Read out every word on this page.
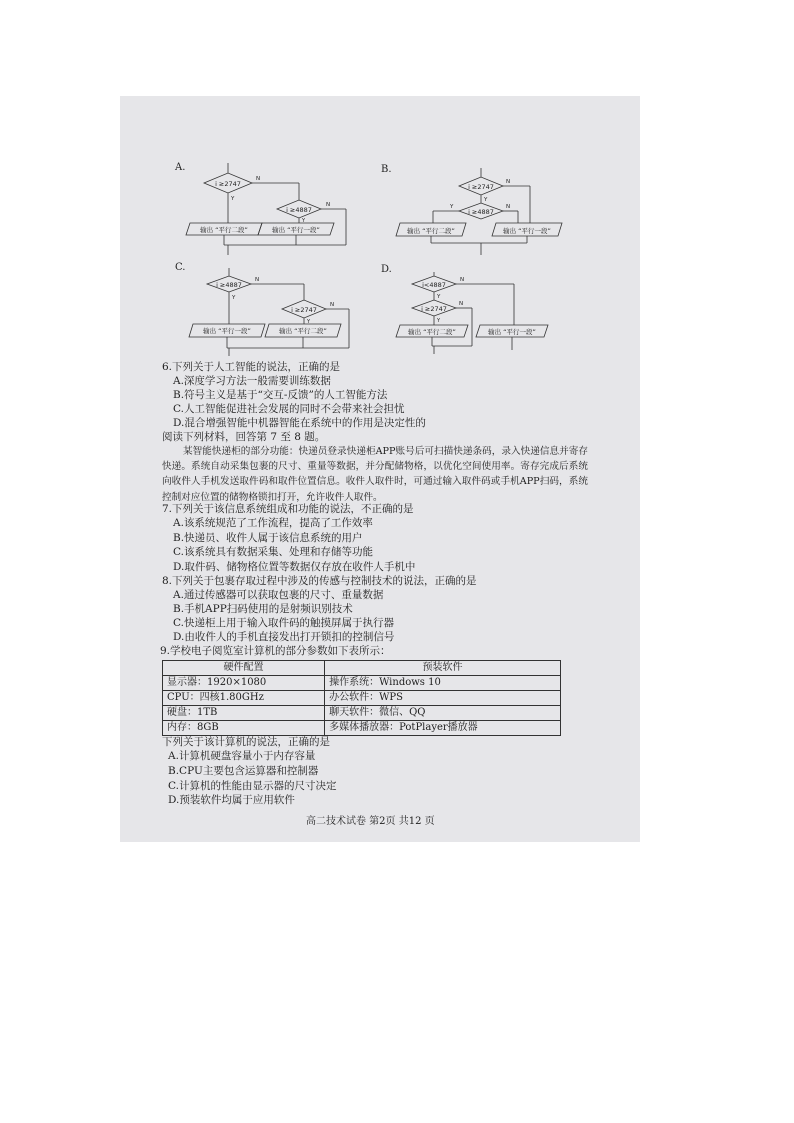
A.	B.
C.	D.
i ≥2747
i ≥4887
N
Y
N
Y
输出 “平行二段”	输出 “平行一段”
i ≥2747
i ≥4887
N
Y
Y	N
输出 “平行二段”	输出 “平行一段”
i ≥4887
i ≥2747
N
Y
N
Y
输出 “平行一段”	输出 “平行二段”
i<4887
i ≥2747
N
Y
N
Y
输出 “平行二段”	输出 “平行一段”
6.下列关于人工智能的说法，正确的是
A.深度学习方法一般需要训练数据
B.符号主义是基于“交互-反馈”的人工智能方法
C.人工智能促进社会发展的同时不会带来社会担忧
D.混合增强智能中机器智能在系统中的作用是决定性的
阅读下列材料，回答第 7 至 8 题。
某智能快递柜的部分功能：快递员登录快递柜APP账号后可扫描快递条码，录入快递信息并寄存快递。系统自动采集包裹的尺寸、重量等数据，并分配储物格，以优化空间使用率。寄存完成后系统向收件人手机发送取件码和取件位置信息。收件人取件时，可通过输入取件码或手机APP扫码，系统控制对应位置的储物格锁扣打开，允许收件人取件。
7.下列关于该信息系统组成和功能的说法，不正确的是
A.该系统规范了工作流程，提高了工作效率
B.快递员、收件人属于该信息系统的用户
C.该系统具有数据采集、处理和存储等功能
D.取件码、储物格位置等数据仅存放在收件人手机中
8.下列关于包裹存取过程中涉及的传感与控制技术的说法，正确的是
A.通过传感器可以获取包裹的尺寸、重量数据
B.手机APP扫码使用的是射频识别技术
C.快递柜上用于输入取件码的触摸屏属于执行器
D.由收件人的手机直接发出打开锁扣的控制信号
9.学校电子阅览室计算机的部分参数如下表所示：
硬件配置	预装软件
显示器：1920×1080	操作系统：Windows 10
CPU：四核1.80GHz	办公软件：WPS
硬盘：1TB	聊天软件：微信、QQ
内存：8GB	多媒体播放器：PotPlayer播放器
下列关于该计算机的说法，正确的是
A.计算机硬盘容量小于内存容量
B.CPU主要包含运算器和控制器
C.计算机的性能由显示器的尺寸决定
D.预装软件均属于应用软件
高二技术试卷 第2页 共12 页
